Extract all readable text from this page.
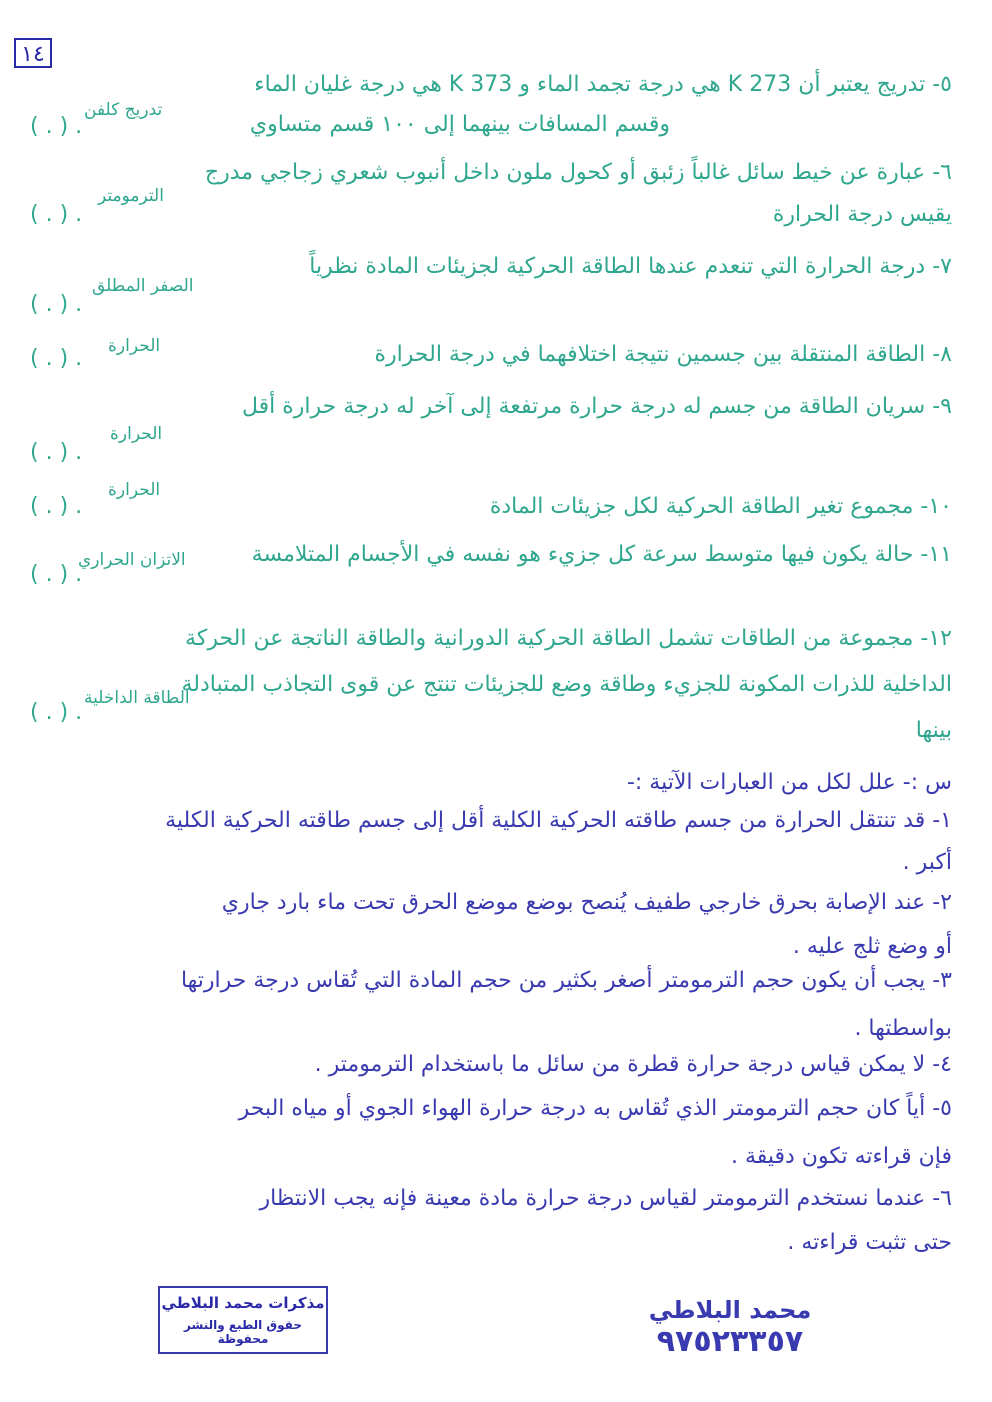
١٤
٥- تدريج يعتبر أن 273 K هي درجة تجمد الماء و 373 K هي درجة غليان الماء
وقسم المسافات بينهما إلى ١٠٠ قسم متساوي
( . ) .
تدريج كلفن
٦- عبارة عن خيط سائل غالباً زئبق أو كحول ملون داخل أنبوب شعري زجاجي مدرج
يقيس درجة الحرارة
( . ) .
الترمومتر
٧- درجة الحرارة التي تنعدم عندها الطاقة الحركية لجزيئات المادة نظرياً
( . ) .
الصفر المطلق
٨- الطاقة المنتقلة بين جسمين نتيجة اختلافهما في درجة الحرارة
( . ) . الحرارة
٩- سريان الطاقة من جسم له درجة حرارة مرتفعة إلى آخر له درجة حرارة أقل
( . ) .
الحرارة
١٠- مجموع تغير الطاقة الحركية لكل جزيئات المادة
( . ) .
الحرارة
١١- حالة يكون فيها متوسط سرعة كل جزيء هو نفسه في الأجسام المتلامسة
( . ) .
الاتزان الحراري
١٢- مجموعة من الطاقات تشمل الطاقة الحركية الدورانية والطاقة الناتجة عن الحركة
الداخلية للذرات المكونة للجزيء وطاقة وضع للجزيئات تنتج عن قوى التجاذب المتبادلة
بينها
( . ) .
الطاقة الداخلية
س :- علل لكل من العبارات الآتية :-
١- قد تنتقل الحرارة من جسم طاقته الحركية الكلية أقل إلى جسم طاقته الحركية الكلية
أكبر .
٢- عند الإصابة بحرق خارجي طفيف يُنصح بوضع موضع الحرق تحت ماء بارد جاري
أو وضع ثلج عليه .
٣- يجب أن يكون حجم الترمومتر أصغر بكثير من حجم المادة التي تُقاس درجة حرارتها
بواسطتها .
٤- لا يمكن قياس درجة حرارة قطرة من سائل ما باستخدام الترمومتر .
٥- أياً كان حجم الترمومتر الذي تُقاس به درجة حرارة الهواء الجوي أو مياه البحر
فإن قراءته تكون دقيقة .
٦- عندما نستخدم الترمومتر لقياس درجة حرارة مادة معينة فإنه يجب الانتظار
حتى تثبت قراءته .
مذكرات محمد البلاطي
حقوق الطبع والنشر محفوظة
محمد البلاطي
٩٧٥٢٣٣٥٧
